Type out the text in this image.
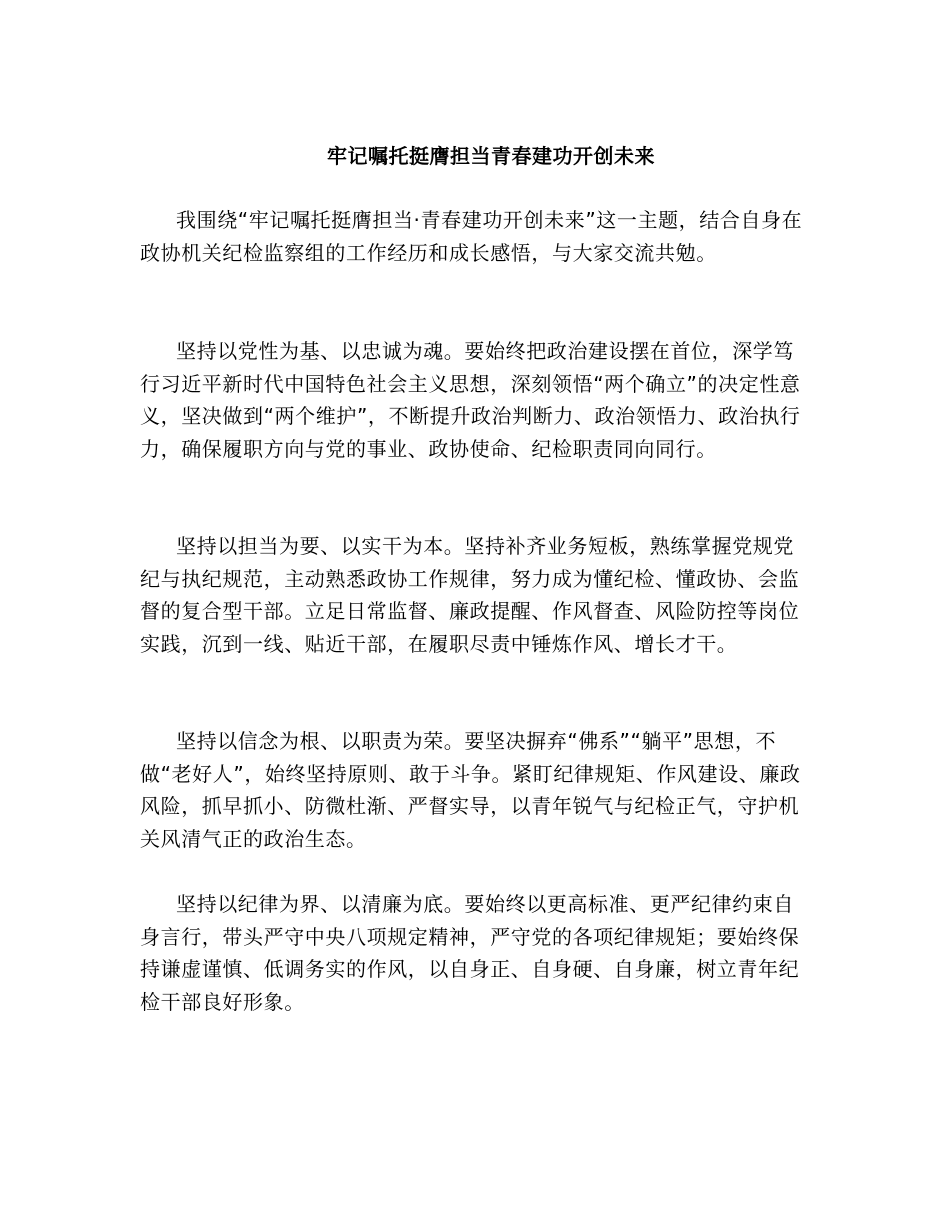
牢记嘱托挺膺担当青春建功开创未来

我围绕“牢记嘱托挺膺担当·青春建功开创未来”这一主题，结合自身在政协机关纪检监察组的工作经历和成长感悟，与大家交流共勉。

坚持以党性为基、以忠诚为魂。要始终把政治建设摆在首位，深学笃行习近平新时代中国特色社会主义思想，深刻领悟“两个确立”的决定性意义，坚决做到“两个维护”，不断提升政治判断力、政治领悟力、政治执行力，确保履职方向与党的事业、政协使命、纪检职责同向同行。

坚持以担当为要、以实干为本。坚持补齐业务短板，熟练掌握党规党纪与执纪规范，主动熟悉政协工作规律，努力成为懂纪检、懂政协、会监督的复合型干部。立足日常监督、廉政提醒、作风督查、风险防控等岗位实践，沉到一线、贴近干部，在履职尽责中锤炼作风、增长才干。

坚持以信念为根、以职责为荣。要坚决摒弃“佛系”“躺平”思想，不做“老好人”，始终坚持原则、敢于斗争。紧盯纪律规矩、作风建设、廉政风险，抓早抓小、防微杜渐、严督实导，以青年锐气与纪检正气，守护机关风清气正的政治生态。

坚持以纪律为界、以清廉为底。要始终以更高标准、更严纪律约束自身言行，带头严守中央八项规定精神，严守党的各项纪律规矩；要始终保持谦虚谨慎、低调务实的作风，以自身正、自身硬、自身廉，树立青年纪检干部良好形象。
